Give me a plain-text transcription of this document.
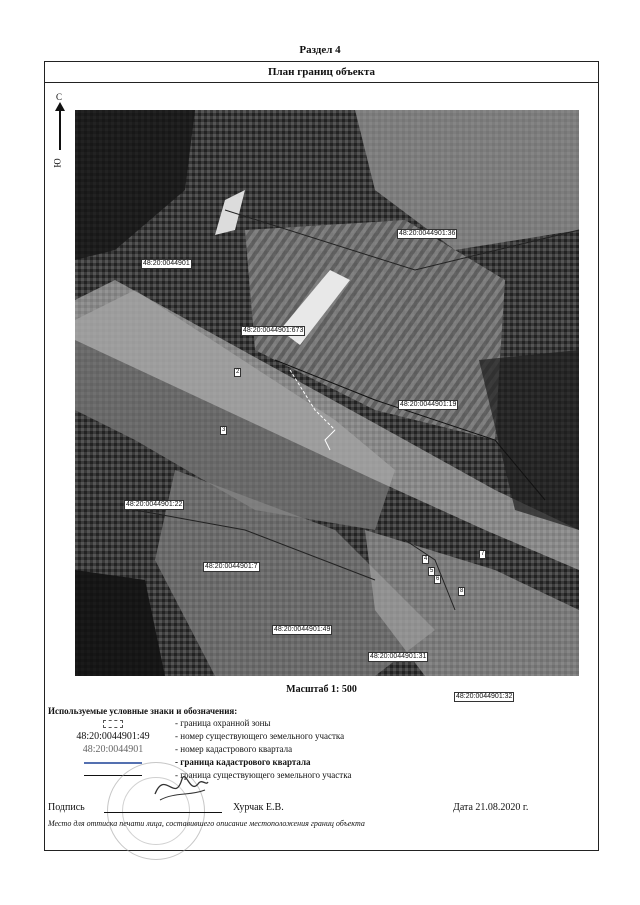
Раздел 4
План границ объекта
С
Ю
48:20:0044901:36
48:20:0044901
48:20:0044901:673
48:20:0044901:19
48:20:0044901:22
48:20:0044901:7
48:20:0044901:49
48:20:0044901:31
48:20:0044901:32
2
3
4
5
6
7
8
Масштаб 1: 500
Используемые условные знаки и обозначения:
- граница охранной зоны
48:20:0044901:49	- номер существующего земельного участка
48:20:0044901	- номер кадастрового квартала
- граница кадастрового квартала
- граница существующего земельного участка
Подпись	Хурчак Е.В.	Дата 21.08.2020 г.
Место для оттиска печати лица, составившего описание местоположения границ объекта
